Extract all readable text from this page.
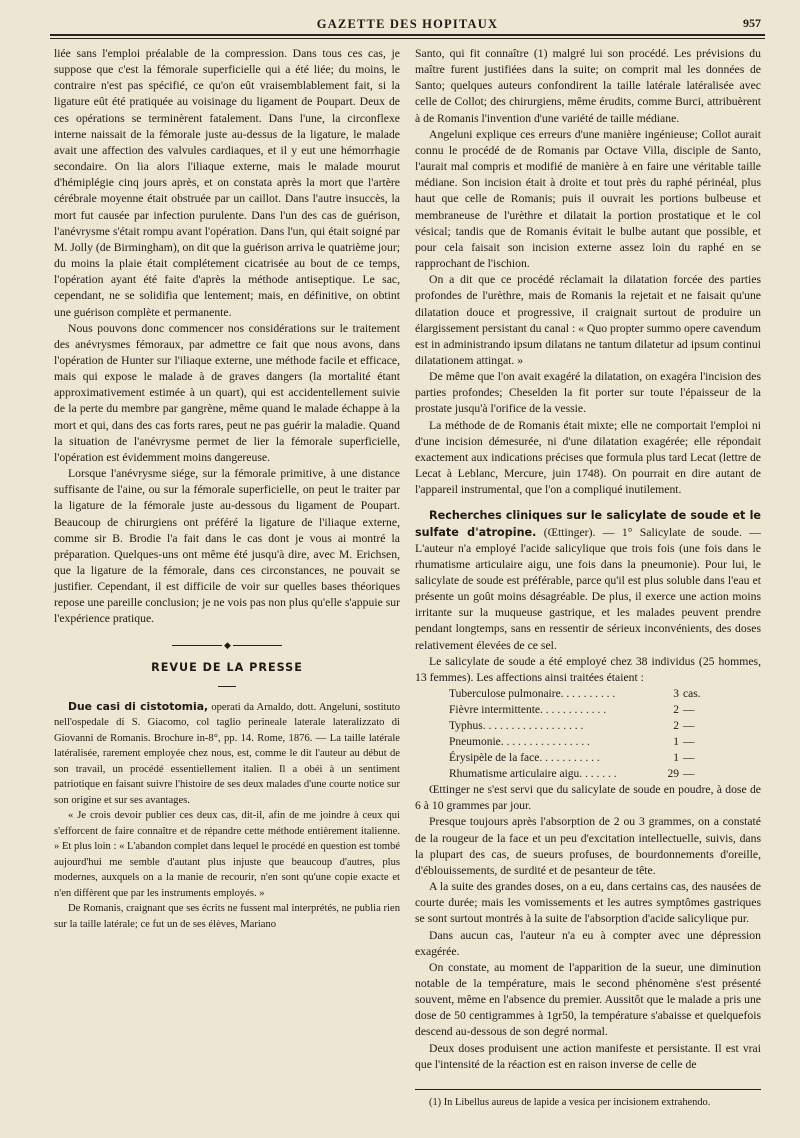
GAZETTE DES HOPITAUX	957

liée sans l'emploi préalable de la compression. Dans tous ces cas, je suppose que c'est la fémorale superficielle qui a été liée; du moins, le contraire n'est pas spécifié, ce qu'on eût vraisemblablement fait, si la ligature eût été pratiquée au voisinage du ligament de Poupart. Deux de ces opérations se terminèrent fatalement. Dans l'une, la circonflexe interne naissait de la fémorale juste au-dessus de la ligature, le malade avait une affection des valvules cardiaques, et il y eut une hémorrhagie secondaire. On lia alors l'iliaque externe, mais le malade mourut d'hémiplégie cinq jours après, et on constata après la mort que l'artère cérébrale moyenne était obstruée par un caillot. Dans l'autre insuccès, la mort fut causée par infection purulente. Dans l'un des cas de guérison, l'anévrysme s'était rompu avant l'opération. Dans l'un, qui était soigné par M. Jolly (de Birmingham), on dit que la guérison arriva le quatrième jour; du moins la plaie était complétement cicatrisée au bout de ce temps, l'opération ayant été faite d'après la méthode antiseptique. Le sac, cependant, ne se solidifia que lentement; mais, en définitive, on obtint une guérison complète et permanente.

Nous pouvons donc commencer nos considérations sur le traitement des anévrysmes fémoraux, par admettre ce fait que nous avons, dans l'opération de Hunter sur l'iliaque externe, une méthode facile et efficace, mais qui expose le malade à de graves dangers (la mortalité étant approximativement estimée à un quart), qui est accidentellement suivie de la perte du membre par gangrène, même quand le malade échappe à la mort et qui, dans des cas forts rares, peut ne pas guérir la maladie. Quand la situation de l'anévrysme permet de lier la fémorale superficielle, l'opération est évidemment moins dangereuse.

Lorsque l'anévrysme siége, sur la fémorale primitive, à une distance suffisante de l'aine, ou sur la fémorale superficielle, on peut le traiter par la ligature de la fémorale juste au-dessous du ligament de Poupart. Beaucoup de chirurgiens ont préféré la ligature de l'iliaque externe, comme sir B. Brodie l'a fait dans le cas dont je vous ai montré la préparation. Quelques-uns ont même été jusqu'à dire, avec M. Erichsen, que la ligature de la fémorale, dans ces circonstances, ne pouvait se justifier. Cependant, il est difficile de voir sur quelles bases théoriques repose une pareille conclusion; je ne vois pas non plus qu'elle s'appuie sur l'expérience pratique.

◆
REVUE DE LA PRESSE

Due casi di cistotomia, operati da Arnaldo, dott. Angeluni, sostituto nell'ospedale di S. Giacomo, col taglio perineale laterale lateralizzato di Giovanni de Romanis. Brochure in-8°, pp. 14. Rome, 1876. — La taille latérale latéralisée, rarement employée chez nous, est, comme le dit l'auteur au début de son travail, un procédé essentiellement italien. Il a obéi à un sentiment patriotique en faisant suivre l'histoire de ses deux malades d'une courte notice sur son origine et sur ses avantages.

« Je crois devoir publier ces deux cas, dit-il, afin de me joindre à ceux qui s'efforcent de faire connaître et de répandre cette méthode entièrement italienne. » Et plus loin : « L'abandon complet dans lequel le procédé en question est tombé aujourd'hui me semble d'autant plus injuste que beaucoup d'autres, plus modernes, auxquels on a la manie de recourir, n'en sont qu'une copie exacte et n'en diffèrent que par les instruments employés. »

De Romanis, craignant que ses écrits ne fussent mal interprétés, ne publia rien sur la taille latérale; ce fut un de ses élèves, Mariano

Santo, qui fit connaître (1) malgré lui son procédé. Les prévisions du maître furent justifiées dans la suite; on comprit mal les données de Santo; quelques auteurs confondirent la taille latérale latéralisée avec celle de Collot; des chirurgiens, même érudits, comme Burci, attribuèrent à de Romanis l'invention d'une variété de taille médiane.

Angeluni explique ces erreurs d'une manière ingénieuse; Collot aurait connu le procédé de de Romanis par Octave Villa, disciple de Santo, l'aurait mal compris et modifié de manière à en faire une véritable taille médiane. Son incision était à droite et tout près du raphé périnéal, plus haut que celle de Romanis; puis il ouvrait les portions bulbeuse et membraneuse de l'urèthre et dilatait la portion prostatique et le col vésical; tandis que de Romanis évitait le bulbe autant que possible, et pour cela faisait son incision externe assez loin du raphé en se rapprochant de l'ischion.

On a dit que ce procédé réclamait la dilatation forcée des parties profondes de l'urèthre, mais de Romanis la rejetait et ne faisait qu'une dilatation douce et progressive, il craignait surtout de produire un élargissement persistant du canal : « Quo propter summo opere cavendum est in administrando ipsum dilatans ne tantum dilatetur ad ipsum continui dilatationem attingat. »

De même que l'on avait exagéré la dilatation, on exagéra l'incision des parties profondes; Cheselden la fit porter sur toute l'épaisseur de la prostate jusqu'à l'orifice de la vessie.

La méthode de de Romanis était mixte; elle ne comportait l'emploi ni d'une incision démesurée, ni d'une dilatation exagérée; elle répondait exactement aux indications précises que formula plus tard Lecat (lettre de Lecat à Leblanc, Mercure, juin 1748). On pourrait en dire autant de l'appareil instrumental, que l'on a compliqué inutilement.

Recherches cliniques sur le salicylate de soude et le sulfate d'atropine. (Œttinger). — 1° Salicylate de soude. — L'auteur n'a employé l'acide salicylique que trois fois (une fois dans le rhumatisme articulaire aigu, une fois dans la pneumonie). Pour lui, le salicylate de soude est préférable, parce qu'il est plus soluble dans l'eau et présente un goût moins désagréable. De plus, il exerce une action moins irritante sur la muqueuse gastrique, et les malades peuvent prendre pendant longtemps, sans en ressentir de sérieux inconvénients, des doses relativement élevées de ce sel.

Le salicylate de soude a été employé chez 38 individus (25 hommes, 13 femmes). Les affections ainsi traitées étaient :

Tuberculose pulmonaire. . . . . . . . . .	3	cas.
Fièvre intermittente. . . . . . . . . . . .	2	—
Typhus. . . . . . . . . . . . . . . . . .	2	—
Pneumonie. . . . . . . . . . . . . . . .	1	—
Érysipèle de la face. . . . . . . . . . .	1	—
Rhumatisme articulaire aigu. . . . . . .	29	—

Œttinger ne s'est servi que du salicylate de soude en poudre, à dose de 6 à 10 grammes par jour.

Presque toujours après l'absorption de 2 ou 3 grammes, on a constaté de la rougeur de la face et un peu d'excitation intellectuelle, suivis, dans la plupart des cas, de sueurs profuses, de bourdonnements d'oreille, d'éblouissements, de surdité et de pesanteur de tête.

A la suite des grandes doses, on a eu, dans certains cas, des nausées de courte durée; mais les vomissements et les autres symptômes gastriques se sont surtout montrés à la suite de l'absorption d'acide salicylique pur.

Dans aucun cas, l'auteur n'a eu à compter avec une dépression exagérée.

On constate, au moment de l'apparition de la sueur, une diminution notable de la température, mais le second phénomène s'est présenté souvent, même en l'absence du premier. Aussitôt que le malade a pris une dose de 50 centigrammes à 1gr50, la température s'abaisse et quelquefois descend au-dessous de son degré normal.

Deux doses produisent une action manifeste et persistante. Il est vrai que l'intensité de la réaction est en raison inverse de celle de

(1) In Libellus aureus de lapide a vesica per incisionem extrahendo.
